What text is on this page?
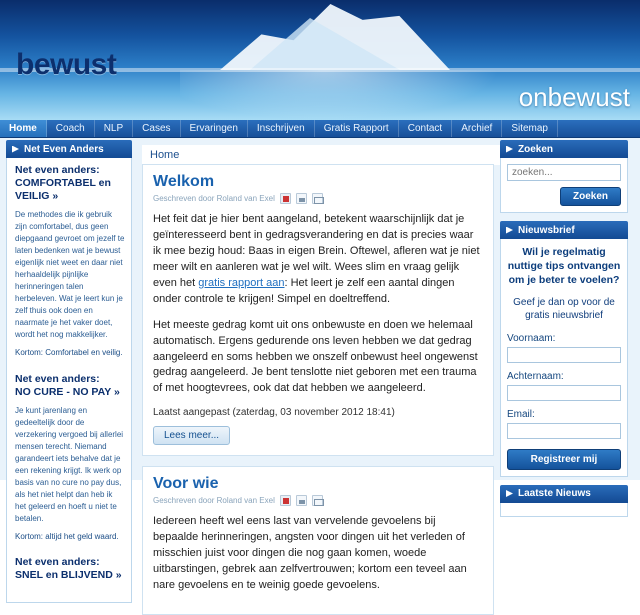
bewust
onbewust
Home	Coach	NLP	Cases	Ervaringen	Inschrijven	Gratis Rapport	Contact	Archief	Sitemap
Home
Net Even Anders
Net even anders:
COMFORTABEL en VEILIG »
De methodes die ik gebruik zijn comfortabel, dus geen diepgaand gevroet om jezelf te laten bedenken wat je bewust eigenlijk niet weet en daar niet herhaaldelijk pijnlijke herinneringen talen herbeleven. Wat je leert kun je zelf thuis ook doen en naarmate je het vaker doet, wordt het nog makkelijker.
Kortom: Comfortabel en veilig.
Net even anders:
NO CURE - NO PAY »
Je kunt jarenlang en gedeeltelijk door de verzekering vergoed bij allerlei mensen terecht. Niemand garandeert iets behalve dat je een rekening krijgt. Ik werk op basis van no cure no pay dus, als het niet helpt dan heb ik het geleerd en hoeft u niet te betalen.
Kortom: altijd het geld waard.
Net even anders:
SNEL en BLIJVEND »
Welkom
Geschreven door Roland van Exel

Het feit dat je hier bent aangeland, betekent waarschijnlijk dat je geïnteresseerd bent in gedragsverandering en dat is precies waar ik mee bezig houd: Baas in eigen Brein. Oftewel, afleren wat je niet meer wilt en aanleren wat je wel wilt. Wees slim en vraag gelijk even het gratis rapport aan: Het leert je zelf een aantal dingen onder controle te krijgen! Simpel en doeltreffend.

Het meeste gedrag komt uit ons onbewuste en doen we helemaal automatisch. Ergens gedurende ons leven hebben we dat gedrag aangeleerd en soms hebben we onszelf onbewust heel ongewenst gedrag aangeleerd. Je bent tenslotte niet geboren met een trauma of met hoogtevrees, ook dat dat hebben we aangeleerd.

Laatst aangepast (zaterdag, 03 november 2012 18:41)
Lees meer...
Voor wie
Geschreven door Roland van Exel

Iedereen heeft wel eens last van vervelende gevoelens bij bepaalde herinneringen, angsten voor dingen uit het verleden of misschien juist voor dingen die nog gaan komen, woede uitbarstingen, gebrek aan zelfvertrouwen; kortom een teveel aan nare gevoelens en te weinig goede gevoelens.

Zoeken
zoeken...
Zoeken
Nieuwsbrief
Wil je regelmatig nuttige tips ontvangen om je beter te voelen?
Geef je dan op voor de gratis nieuwsbrief
Voornaam:
Achternaam:
Email:
Registreer mij
Laatste Nieuws
